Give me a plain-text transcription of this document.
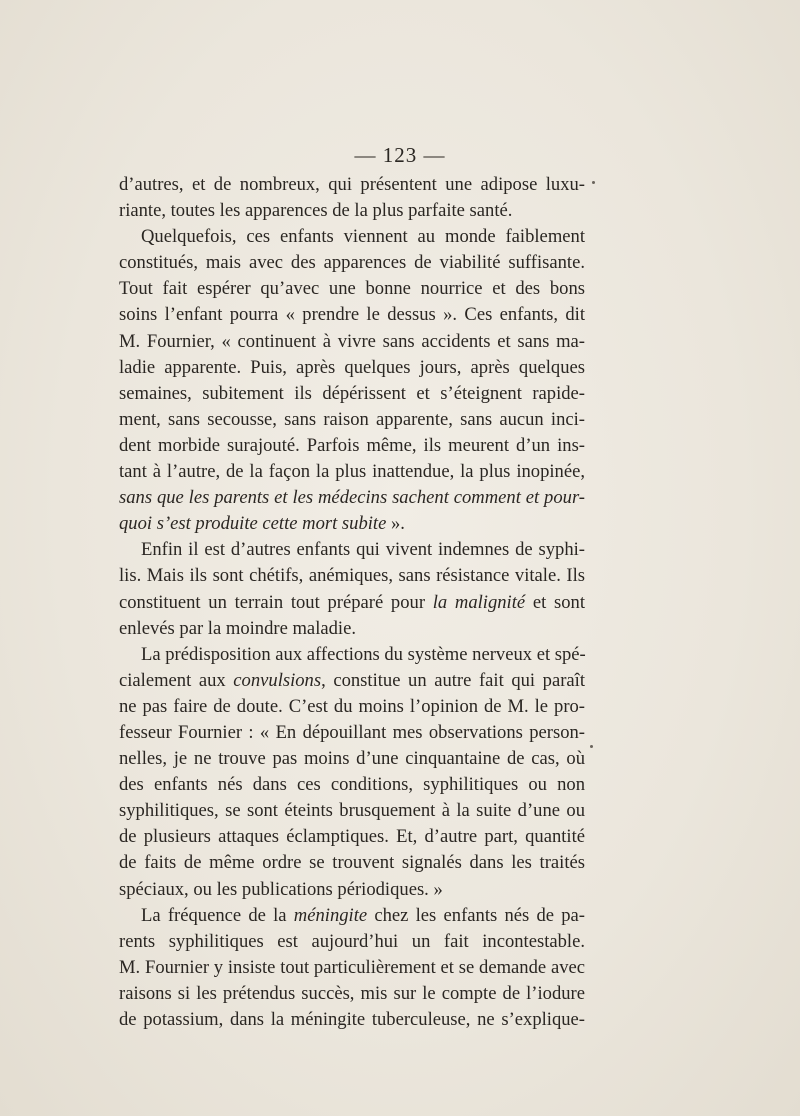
— 123 —
d’autres, et de nombreux, qui présentent une adipose luxu-
riante, toutes les apparences de la plus parfaite santé.
Quelquefois, ces enfants viennent au monde faiblement
constitués, mais avec des apparences de viabilité suffisante.
Tout fait espérer qu’avec une bonne nourrice et des bons
soins l’enfant pourra « prendre le dessus ». Ces enfants, dit
M. Fournier, « continuent à vivre sans accidents et sans ma-
ladie apparente. Puis, après quelques jours, après quelques
semaines, subitement ils dépérissent et s’éteignent rapide-
ment, sans secousse, sans raison apparente, sans aucun inci-
dent morbide surajouté. Parfois même, ils meurent d’un ins-
tant à l’autre, de la façon la plus inattendue, la plus inopinée,
sans que les parents et les médecins sachent comment et pour-
quoi s’est produite cette mort subite ».
Enfin il est d’autres enfants qui vivent indemnes de syphi-
lis. Mais ils sont chétifs, anémiques, sans résistance vitale. Ils
constituent un terrain tout préparé pour la malignité et sont
enlevés par la moindre maladie.
La prédisposition aux affections du système nerveux et spé-
cialement aux convulsions, constitue un autre fait qui paraît
ne pas faire de doute. C’est du moins l’opinion de M. le pro-
fesseur Fournier : « En dépouillant mes observations person-
nelles, je ne trouve pas moins d’une cinquantaine de cas, où
des enfants nés dans ces conditions, syphilitiques ou non
syphilitiques, se sont éteints brusquement à la suite d’une ou
de plusieurs attaques éclamptiques. Et, d’autre part, quantité
de faits de même ordre se trouvent signalés dans les traités
spéciaux, ou les publications périodiques. »
La fréquence de la méningite chez les enfants nés de pa-
rents syphilitiques est aujourd’hui un fait incontestable.
M. Fournier y insiste tout particulièrement et se demande avec
raisons si les prétendus succès, mis sur le compte de l’iodure
de potassium, dans la méningite tuberculeuse, ne s’explique-
